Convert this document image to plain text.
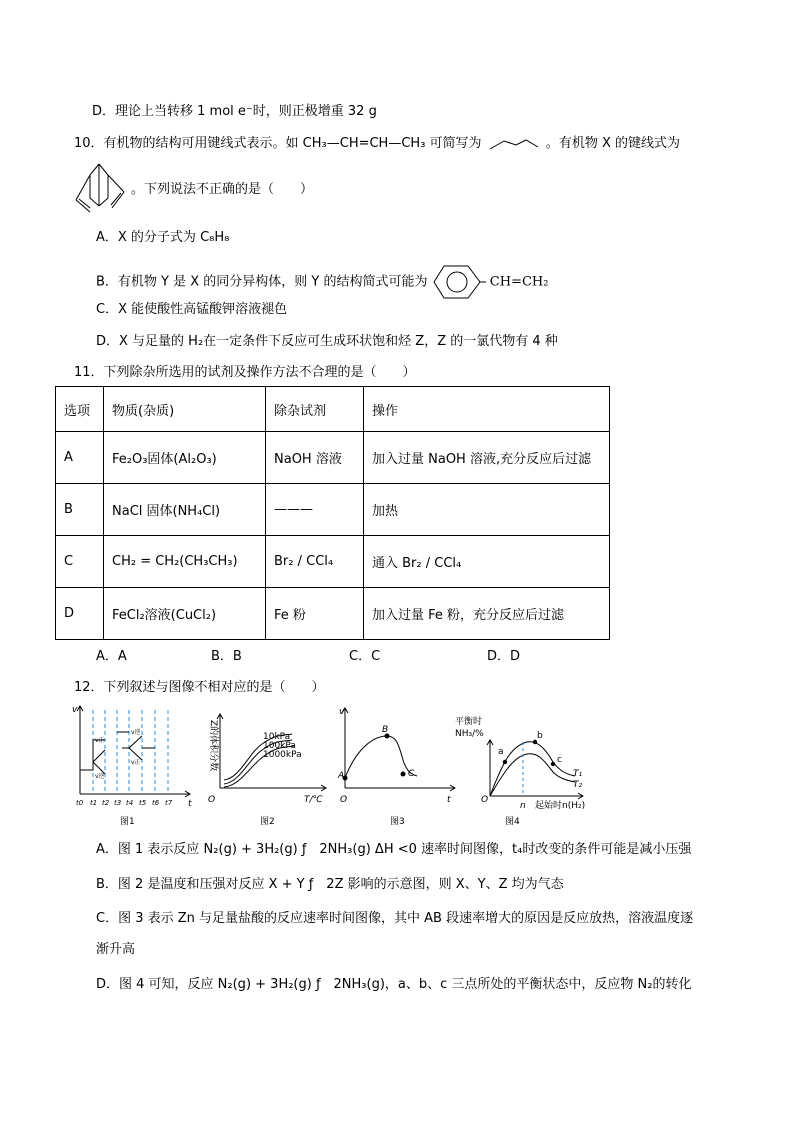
D．理论上当转移 1 mol e⁻时，则正极增重 32 g
10．有机物的结构可用键线式表示。如 CH₃—CH=CH—CH₃ 可简写为	。有机物 X 的键线式为
。下列说法不正确的是（　　）
A．X 的分子式为 C₈H₈
B．有机物 Y 是 X 的同分异构体，则 Y 的结构简式可能为	CH=CH₂
C．X 能使酸性高锰酸钾溶液褪色
D．X 与足量的 H₂在一定条件下反应可生成环状饱和烃 Z，Z 的一氯代物有 4 种
11．下列除杂所选用的试剂及操作方法不合理的是（　　）
选项	物质(杂质)	除杂试剂	操作
A	Fe₂O₃固体(Al₂O₃)	NaOH 溶液	加入过量 NaOH 溶液,充分反应后过滤
B	NaCl 固体(NH₄Cl)	———	加热
C	CH₂ = CH₂(CH₃CH₃)	Br₂ / CCl₄	通入 Br₂ / CCl₄
D	FeCl₂溶液(CuCl₂)	Fe 粉	加入过量 Fe 粉，充分反应后过滤
A．A	B．B	C．C	D．D
12．下列叙述与图像不相对应的是（　　）
v
t
v正
v逆
v逆
v正
t0 t1 t2 t3 t4 t5 t6 t7
图1
Z的体积分数	10kPa
100kPa
1000kPa
O	T/℃
图2
v
A
B
C
O	t
图3
平衡时
NH₃/%
a
b
c
T₁
T₂
O
n 起始时n(H₂)
图4
A．图 1 表示反应 N₂(g) + 3H₂(g) ƒ　2NH₃(g) ΔH <0 速率时间图像，t₄时改变的条件可能是减小压强
B．图 2 是温度和压强对反应 X + Y ƒ　2Z 影响的示意图，则 X、Y、Z 均为气态
C．图 3 表示 Zn 与足量盐酸的反应速率时间图像，其中 AB 段速率增大的原因是反应放热，溶液温度逐
渐升高
D．图 4 可知，反应 N₂(g) + 3H₂(g) ƒ　2NH₃(g)，a、b、c 三点所处的平衡状态中，反应物 N₂的转化
